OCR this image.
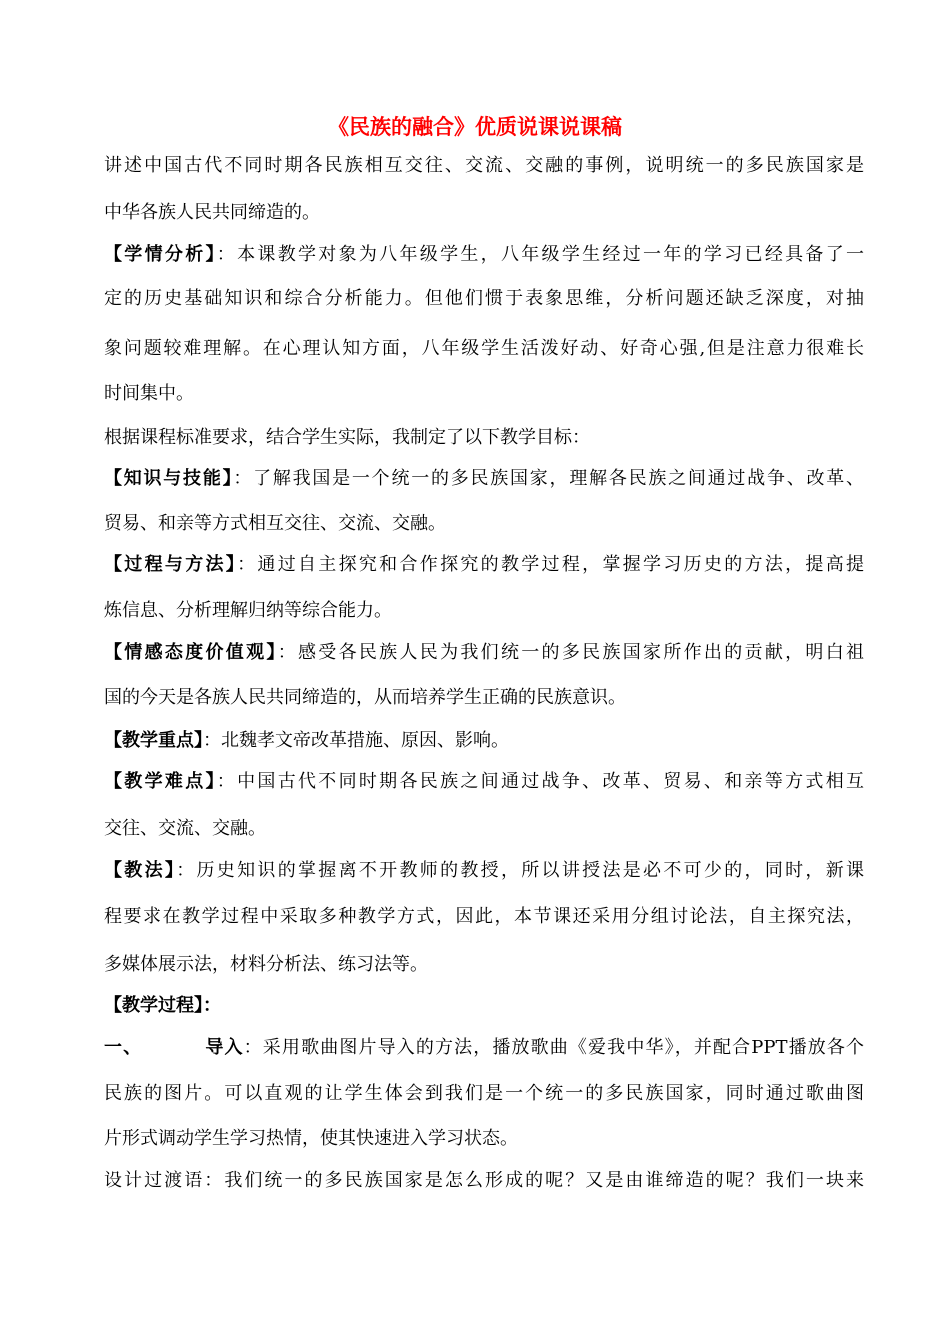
《民族的融合》优质说课说课稿
讲述中国古代不同时期各民族相互交往、交流、交融的事例，说明统一的多民族国家是
中华各族人民共同缔造的。
【学情分析】：本课教学对象为八年级学生，八年级学生经过一年的学习已经具备了一
定的历史基础知识和综合分析能力。但他们惯于表象思维，分析问题还缺乏深度，对抽
象问题较难理解。在心理认知方面，八年级学生活泼好动、好奇心强,但是注意力很难长
时间集中。
根据课程标准要求，结合学生实际，我制定了以下教学目标：
【知识与技能】：了解我国是一个统一的多民族国家，理解各民族之间通过战争、改革、
贸易、和亲等方式相互交往、交流、交融。
【过程与方法】：通过自主探究和合作探究的教学过程，掌握学习历史的方法，提高提
炼信息、分析理解归纳等综合能力。
【情感态度价值观】：感受各民族人民为我们统一的多民族国家所作出的贡献，明白祖
国的今天是各族人民共同缔造的，从而培养学生正确的民族意识。
【教学重点】：北魏孝文帝改革措施、原因、影响。
【教学难点】：中国古代不同时期各民族之间通过战争、改革、贸易、和亲等方式相互
交往、交流、交融。
【教法】：历史知识的掌握离不开教师的教授，所以讲授法是必不可少的，同时，新课
程要求在教学过程中采取多种教学方式，因此，本节课还采用分组讨论法，自主探究法，
多媒体展示法，材料分析法、练习法等。
【教学过程】：
一、	导入：采用歌曲图片导入的方法，播放歌曲《爱我中华》，并配合PPT播放各个
民族的图片。可以直观的让学生体会到我们是一个统一的多民族国家，同时通过歌曲图
片形式调动学生学习热情，使其快速进入学习状态。
设计过渡语：我们统一的多民族国家是怎么形成的呢？又是由谁缔造的呢？我们一块来
